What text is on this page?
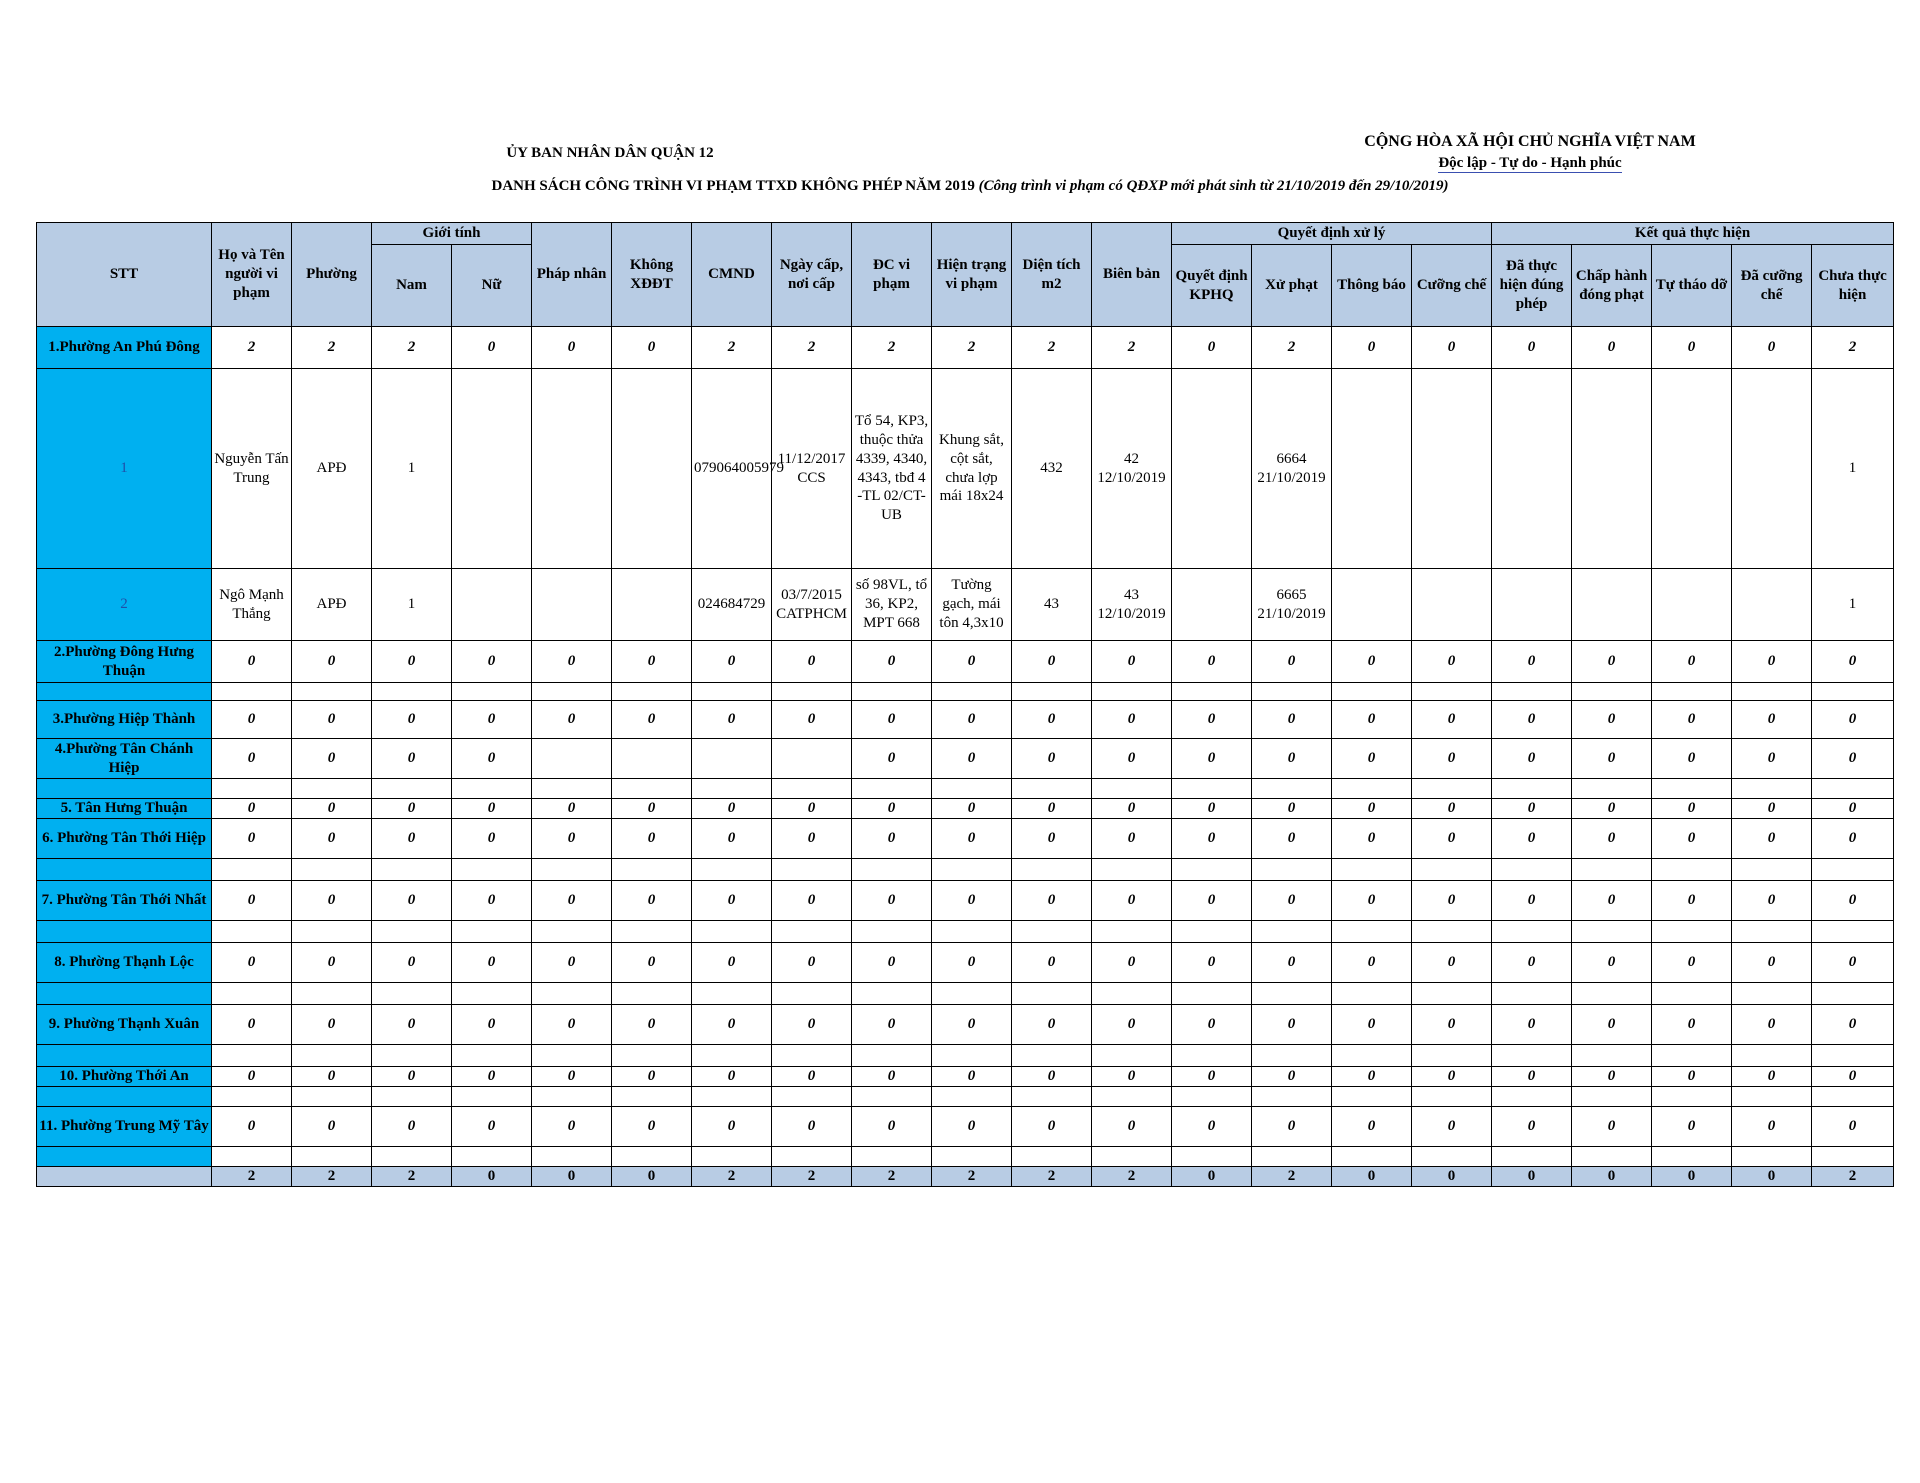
ỦY BAN NHÂN DÂN QUẬN 12
CỘNG HÒA XÃ HỘI CHỦ NGHĨA VIỆT NAM
Độc lập - Tự do - Hạnh phúc
DANH SÁCH CÔNG TRÌNH VI PHẠM TTXD KHÔNG PHÉP NĂM 2019 (Công trình vi phạm có QĐXP mới phát sinh từ 21/10/2019 đến 29/10/2019)
STT	Họ và Tên người vi phạm	Phường	Giới tính		Pháp nhân	Không XĐĐT	CMND	Ngày cấp, nơi cấp	ĐC vi phạm	Hiện trạng vi phạm	Diện tích m2	Biên bản	Quyết định xử lý				Kết quả thực hiện				
			Nam	Nữ									Quyết định KPHQ	Xử phạt	Thông báo	Cưỡng chế	Đã thực hiện đúng phép	Chấp hành đóng phạt	Tự tháo dỡ	Đã cưỡng chế	Chưa thực hiện
1.Phường An Phú Đông	2	2	2	0	0	0	2	2	2	2	2	2	0	2	0	0	0	0	0	0	2
1	Nguyễn Tấn Trung	APĐ	1				079064005979	11/12/2017 CCS	Tổ 54, KP3, thuộc thửa 4339, 4340, 4343, tbđ 4 -TL 02/CT-UB	Khung sắt, cột sắt, chưa lợp mái 18x24	432	42 12/10/2019		6664 21/10/2019							1
2	Ngô Mạnh Thắng	APĐ	1				024684729	03/7/2015 CATPHCM	số 98VL, tổ 36, KP2, MPT 668	Tường gạch, mái tôn 4,3x10	43	43 12/10/2019		6665 21/10/2019							1
2.Phường Đông Hưng Thuận	0	0	0	0	0	0	0	0	0	0	0	0	0	0	0	0	0	0	0	0	0

3.Phường Hiệp Thành	0	0	0	0	0	0	0	0	0	0	0	0	0	0	0	0	0	0	0	0	0
4.Phường Tân Chánh Hiệp	0	0	0	0					0	0	0	0	0	0	0	0	0	0	0	0	0

5. Tân Hưng Thuận	0	0	0	0	0	0	0	0	0	0	0	0	0	0	0	0	0	0	0	0	0
6. Phường Tân Thới Hiệp	0	0	0	0	0	0	0	0	0	0	0	0	0	0	0	0	0	0	0	0	0

7. Phường Tân Thới Nhất	0	0	0	0	0	0	0	0	0	0	0	0	0	0	0	0	0	0	0	0	0

8. Phường Thạnh Lộc	0	0	0	0	0	0	0	0	0	0	0	0	0	0	0	0	0	0	0	0	0

9. Phường Thạnh Xuân	0	0	0	0	0	0	0	0	0	0	0	0	0	0	0	0	0	0	0	0	0

10. Phường Thới An	0	0	0	0	0	0	0	0	0	0	0	0	0	0	0	0	0	0	0	0	0

11. Phường Trung Mỹ Tây	0	0	0	0	0	0	0	0	0	0	0	0	0	0	0	0	0	0	0	0	0

	2	2	2	0	0	0	2	2	2	2	2	2	0	2	0	0	0	0	0	0	2
